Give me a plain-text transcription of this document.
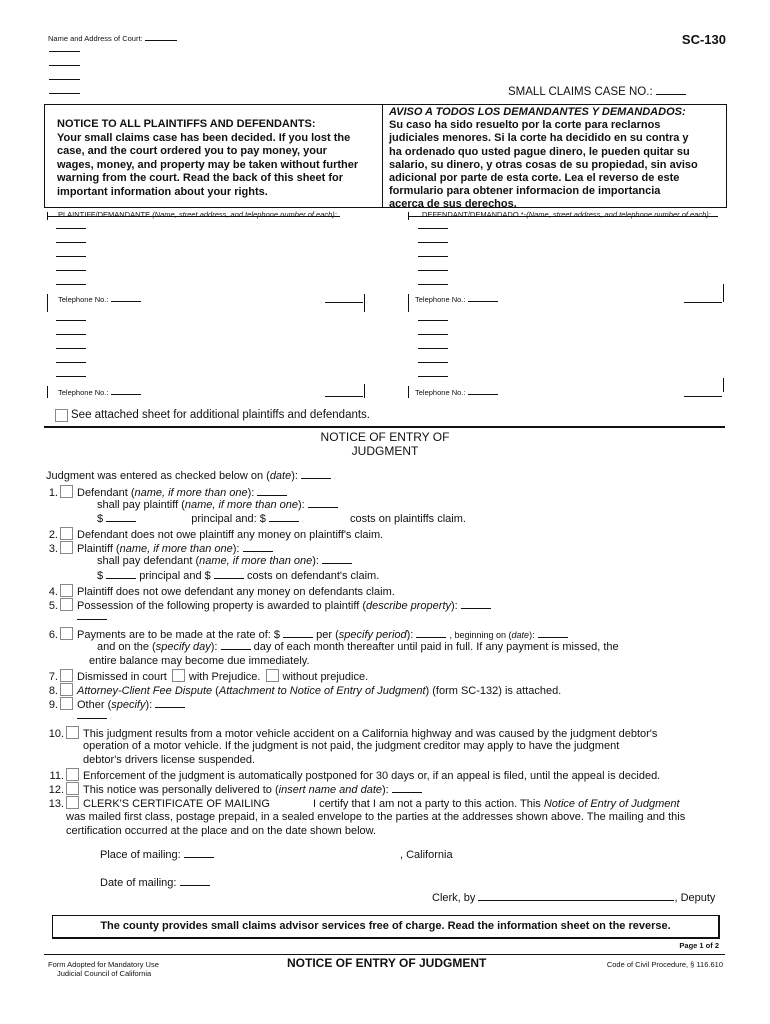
Name and Address of Court:	SC-130
SMALL CLAIMS CASE NO.:
NOTICE TO ALL PLAINTIFFS AND DEFENDANTS:
Your small claims case has been decided. If you lost the
case, and the court ordered you to pay money, your
wages, money, and property may be taken without further
warning from the court. Read the back of this sheet for
important information about your rights.
AVISO A TODOS LOS DEMANDANTES Y DEMANDADOS:
Su caso ha sido resuelto por la corte para reclarnos
judiciales menores. Si la corte ha decidido en su contra y
ha ordenado quo usted pague dinero, le pueden quitar su
salario, su dinero, y otras cosas de su propiedad, sin aviso
adicional por parte de esta corte. Lea el reverso de este
formulario para obtener informacion de importancia
acerca de sus derechos.
PLAINTIFF/DEMANDANTE (Name, street address, and telephone number of each):	DEFENDANT/DEMANDADO *-(Name, street address, and telephone number of each):
Telephone No.:	Telephone No.:
Telephone No.:	Telephone No.:
See attached sheet for additional plaintiffs and defendants.
NOTICE OF ENTRY OF
JUDGMENT
Judgment was entered as checked below on (date):
1. Defendant (name, if more than one):
shall pay plaintiff (name, if more than one):
$	principal and: $	costs on plaintiffs claim.
2. Defendant does not owe plaintiff any money on plaintiff's claim.
3. Plaintiff (name, if more than one):
shall pay defendant (name, if more than one):
$	principal and $	costs on defendant's claim.
4. Plaintiff does not owe defendant any money on defendants claim.
5. Possession of the following property is awarded to plaintiff (describe property):
6. Payments are to be made at the rate of: $	per (specify period):	, beginning on (date):
and on the (specify day):	day of each month thereafter until paid in full. If any payment is missed, the
entire balance may become due immediately.
7. Dismissed in court with Prejudice. without prejudice.
8. Attorney-Client Fee Dispute (Attachment to Notice of Entry of Judgment) (form SC-132) is attached.
9. Other (specify):
10. This judgment results from a motor vehicle accident on a California highway and was caused by the judgment debtor's
operation of a motor vehicle. If the judgment is not paid, the judgment creditor may apply to have the judgment
debtor's drivers license suspended.
11. Enforcement of the judgment is automatically postponed for 30 days or, if an appeal is filed, until the appeal is decided.
12. This notice was personally delivered to (insert name and date):
13. CLERK'S CERTIFICATE OF MAILING	I certify that I am not a party to this action. This Notice of Entry of Judgment
was mailed first class, postage prepaid, in a sealed envelope to the parties at the addresses shown above. The mailing and this
certification occurred at the place and on the date shown below.
Place of mailing:	, California
Date of mailing:
Clerk, by	, Deputy
The county provides small claims advisor services free of charge. Read the information sheet on the reverse.
Page 1 of 2
Form Adopted for Mandatory Use
Judicial Council of California
NOTICE OF ENTRY OF JUDGMENT	Code of Civil Procedure, § 116.610
